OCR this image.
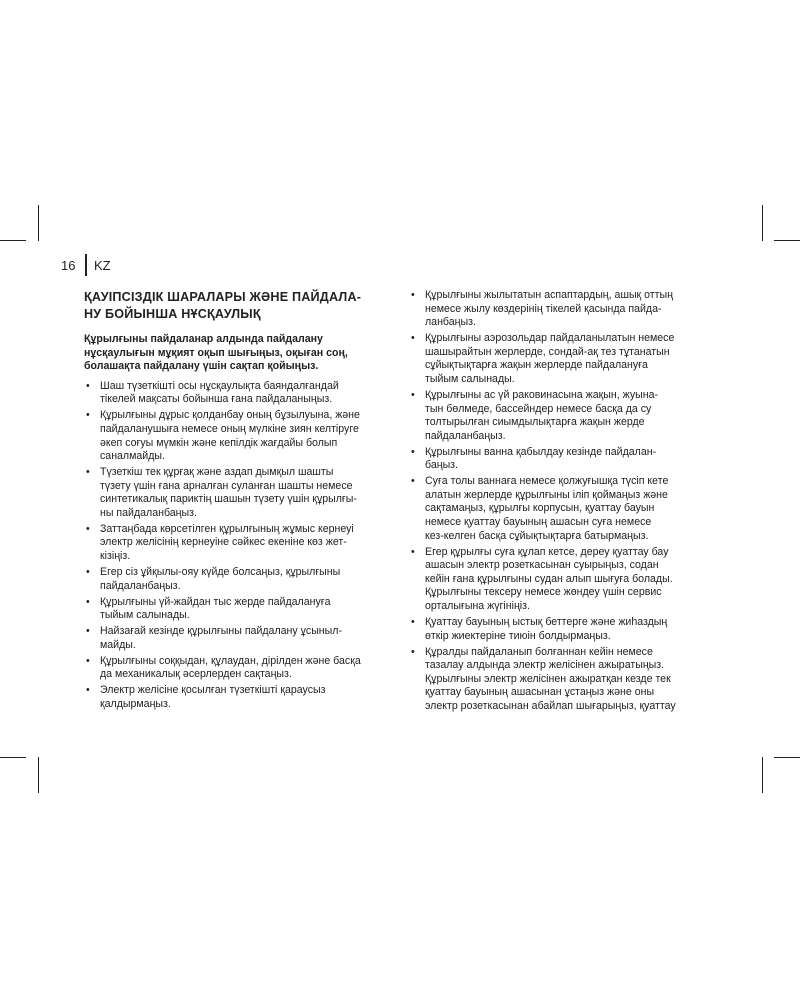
16 KZ
ҚАУІПСІЗДІК ШАРАЛАРЫ ЖӘНЕ ПАЙДАЛА-
НУ БОЙЫНША НҰСҚАУЛЫҚ
Құрылғыны пайдаланар алдында пайдалану
нұсқаулығын мұқият оқып шығыңыз, оқыған соң,
болашақта пайдалану үшін сақтап қойыңыз.
• Шаш түзеткішті осы нұсқаулықта баяндалғандай
тікелей мақсаты бойынша ғана пайдаланыңыз.
• Құрылғыны дұрыс қолданбау оның бұзылуына, және
пайдаланушыға немесе оның мүлкіне зиян келтіруге
әкеп соғуы мүмкін және кепілдік жағдайы болып
саналмайды.
• Түзеткіш тек құрғақ және аздап дымқыл шашты
түзету үшін ғана арналған суланған шашты немесе
синтетикалық париктің шашын түзету үшін құрылғы-
ны пайдаланбаңыз.
• Заттаңбада көрсетілген құрылғының жұмыс кернеуі
электр желісінің кернеуіне сәйкес екеніне көз жет-
кізіңіз.
• Егер сіз ұйқылы-ояу күйде болсаңыз, құрылғыны
пайдаланбаңыз.
• Құрылғыны үй-жайдан тыс жерде пайдалануға
тыйым салынады.
• Найзағай кезінде құрылғыны пайдалану ұсыныл-
майды.
• Құрылғыны соққыдан, құлаудан, дірілден және басқа
да механикалық әсерлерден сақтаңыз.
• Электр желісіне қосылған түзеткішті қараусыз
қалдырмаңыз.
• Құрылғыны жылытатын аспаптардың, ашық оттың
немесе жылу көздерінің тікелей қасында пайда-
ланбаңыз.
• Құрылғыны аэрозольдар пайдаланылатын немесе
шашырайтын жерлерде, сондай-ақ тез тұтанатын
сұйықтықтарға жақын жерлерде пайдалануға
тыйым салынады.
• Құрылғыны ас үй раковинасына жақын, жуына-
тын бөлмеде, бассейндер немесе басқа да су
толтырылған сиымдылықтарға жақын жерде
пайдаланбаңыз.
• Құрылғыны ванна қабылдау кезінде пайдалан-
баңыз.
• Суға толы ваннаға немесе қолжуғышқа түсіп кете
алатын жерлерде құрылғыны іліп қоймаңыз және
сақтамаңыз, құрылғы корпусын, қуаттау бауын
немесе қуаттау бауының ашасын суға немесе
кез-келген басқа сұйықтықтарға батырмаңыз.
• Егер құрылғы суға құлап кетсе, дереу қуаттау бау
ашасын электр розеткасынан суырыңыз, содан
кейін ғана құрылғыны судан алып шығуға болады.
Құрылғыны тексеру немесе жөндеу үшін сервис
орталығына жүгініңіз.
• Қуаттау бауының ыстық беттерге және жиһаздың
өткір жиектеріне тиюін болдырмаңыз.
• Құралды пайдаланып болғаннан кейін немесе
тазалау алдында электр желісінен ажыратыңыз.
Құрылғыны электр желісінен ажыратқан кезде тек
қуаттау бауының ашасынан ұстаңыз және оны
электр розеткасынан абайлап шығарыңыз, қуаттау
